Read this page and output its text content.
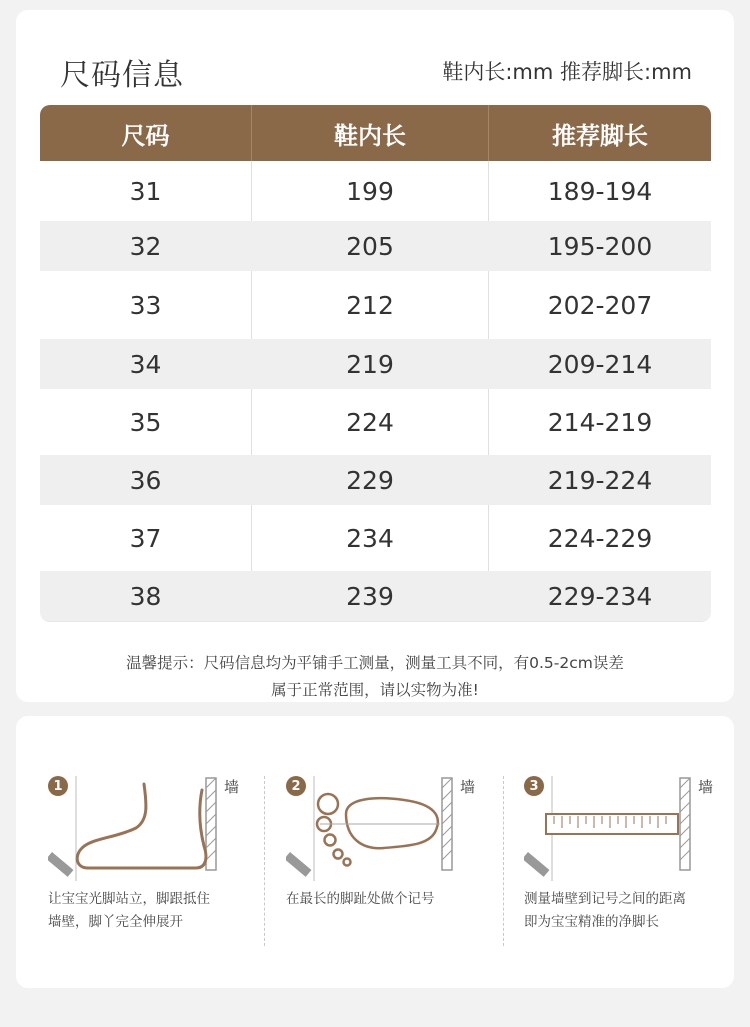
尺码信息	鞋内长:mm 推荐脚长:mm
尺码	鞋内长	推荐脚长
31	199	189-194
32	205	195-200
33	212	202-207
34	219	209-214
35	224	214-219
36	229	219-224
37	234	224-229
38	239	229-234
温馨提示：尺码信息均为平铺手工测量，测量工具不同，有0.5-2cm误差
属于正常范围，请以实物为准!
1	墙
让宝宝光脚站立，脚跟抵住
墙壁，脚丫完全伸展开
2	墙
在最长的脚趾处做个记号
3	墙
测量墙壁到记号之间的距离
即为宝宝精准的净脚长
